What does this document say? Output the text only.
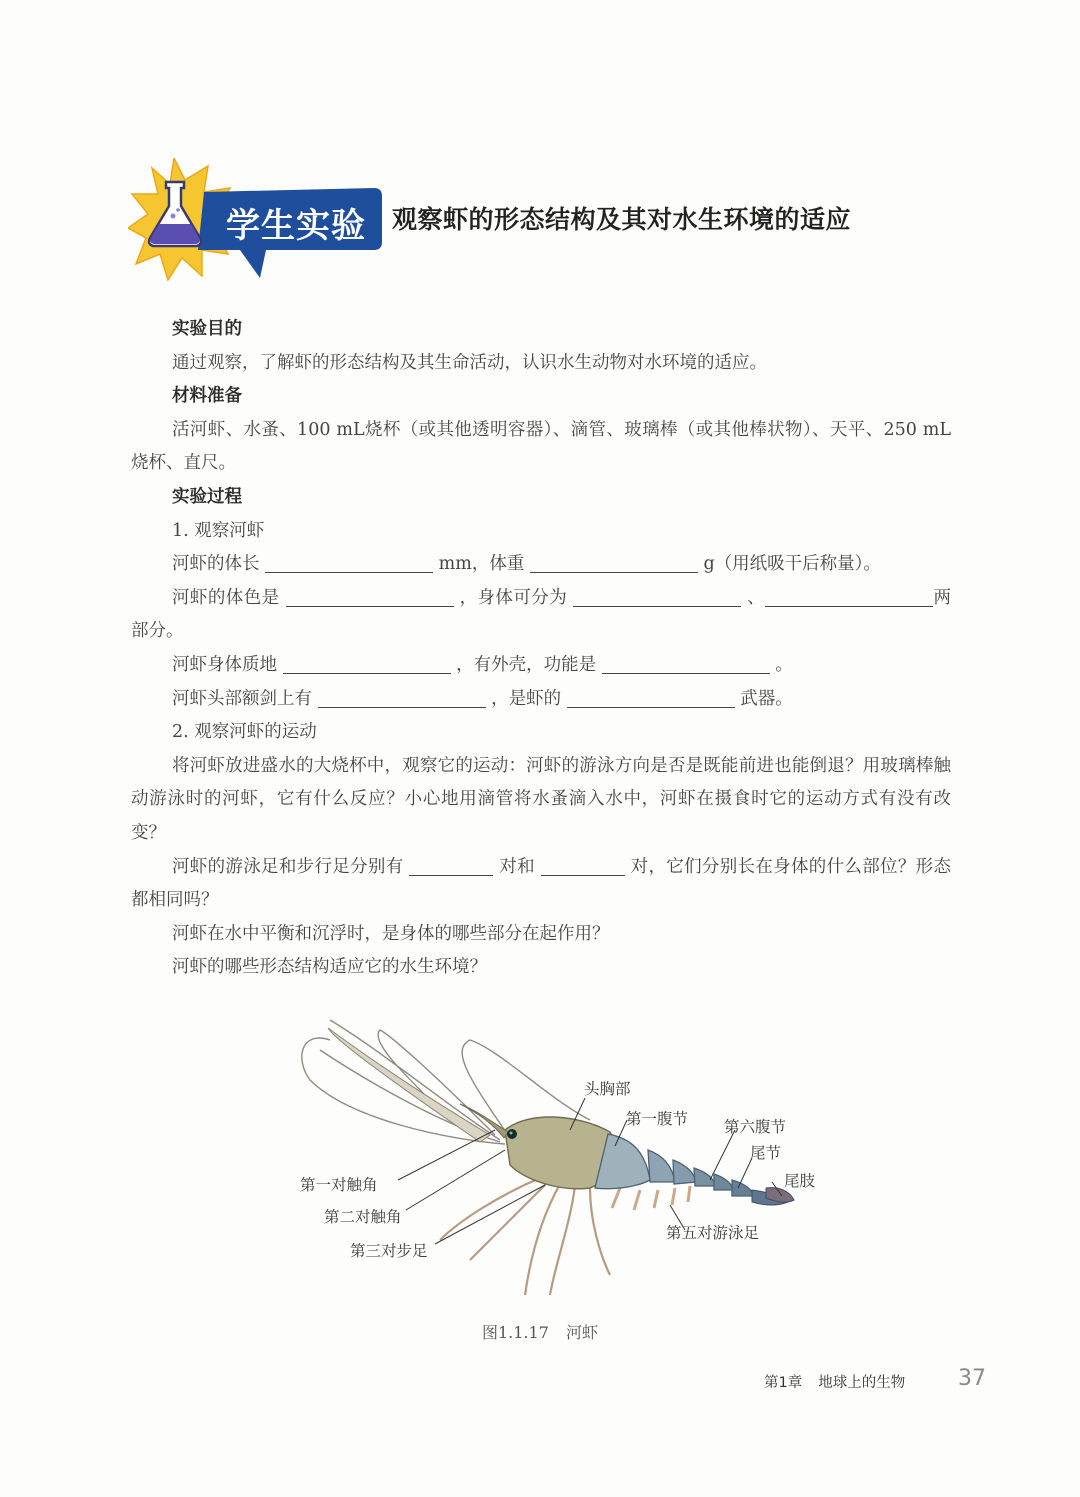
学生实验	观察虾的形态结构及其对水生环境的适应
实验目的

通过观察，了解虾的形态结构及其生命活动，认识水生动物对水环境的适应。

材料准备

活河虾、水蚤、100 mL烧杯（或其他透明容器）、滴管、玻璃棒（或其他棒状物）、天平、250 mL烧杯、直尺。

实验过程

1. 观察河虾

河虾的体长	mm，体重	g（用纸吸干后称量）。

河虾的体色是	，身体可分为	、	两部分。

河虾身体质地	，有外壳，功能是	。

河虾头部额剑上有	，是虾的	武器。

2. 观察河虾的运动

将河虾放进盛水的大烧杯中，观察它的运动：河虾的游泳方向是否是既能前进也能倒退？用玻璃棒触动游泳时的河虾，它有什么反应？小心地用滴管将水蚤滴入水中，河虾在摄食时它的运动方式有没有改变？

河虾的游泳足和步行足分别有	对和	对，它们分别长在身体的什么部位？形态都相同吗？

河虾在水中平衡和沉浮时，是身体的哪些部分在起作用？

河虾的哪些形态结构适应它的水生环境？

头胸部
第一腹节 第六腹节
尾节
尾肢
第一对触角
第二对触角
第三对步足
第五对游泳足
图1.1.17 河虾
第1章 地球上的生物	37
